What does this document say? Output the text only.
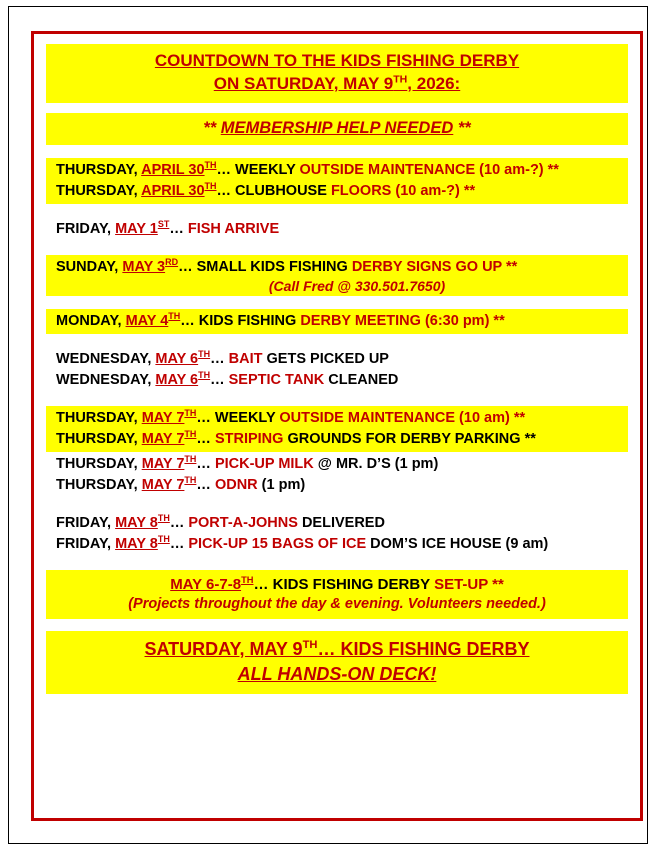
COUNTDOWN TO THE KIDS FISHING DERBY
ON SATURDAY, MAY 9TH, 2026:
** MEMBERSHIP HELP NEEDED **
THURSDAY, APRIL 30TH… WEEKLY OUTSIDE MAINTENANCE (10 am-?) **
THURSDAY, APRIL 30TH… CLUBHOUSE FLOORS (10 am-?) **
FRIDAY, MAY 1ST… FISH ARRIVE
SUNDAY, MAY 3RD… SMALL KIDS FISHING DERBY SIGNS GO UP **
(Call Fred @ 330.501.7650)
MONDAY, MAY 4TH… KIDS FISHING DERBY MEETING (6:30 pm) **
WEDNESDAY, MAY 6TH… BAIT GETS PICKED UP
WEDNESDAY, MAY 6TH… SEPTIC TANK CLEANED
THURSDAY, MAY 7TH… WEEKLY OUTSIDE MAINTENANCE (10 am) **
THURSDAY, MAY 7TH… STRIPING GROUNDS FOR DERBY PARKING **
THURSDAY, MAY 7TH… PICK-UP MILK @ MR. D’S (1 pm)
THURSDAY, MAY 7TH… ODNR (1 pm)
FRIDAY, MAY 8TH… PORT-A-JOHNS DELIVERED
FRIDAY, MAY 8TH… PICK-UP 15 BAGS OF ICE DOM’S ICE HOUSE (9 am)
MAY 6-7-8TH… KIDS FISHING DERBY SET-UP **
(Projects throughout the day & evening. Volunteers needed.)
SATURDAY, MAY 9TH… KIDS FISHING DERBY
ALL HANDS-ON DECK!
